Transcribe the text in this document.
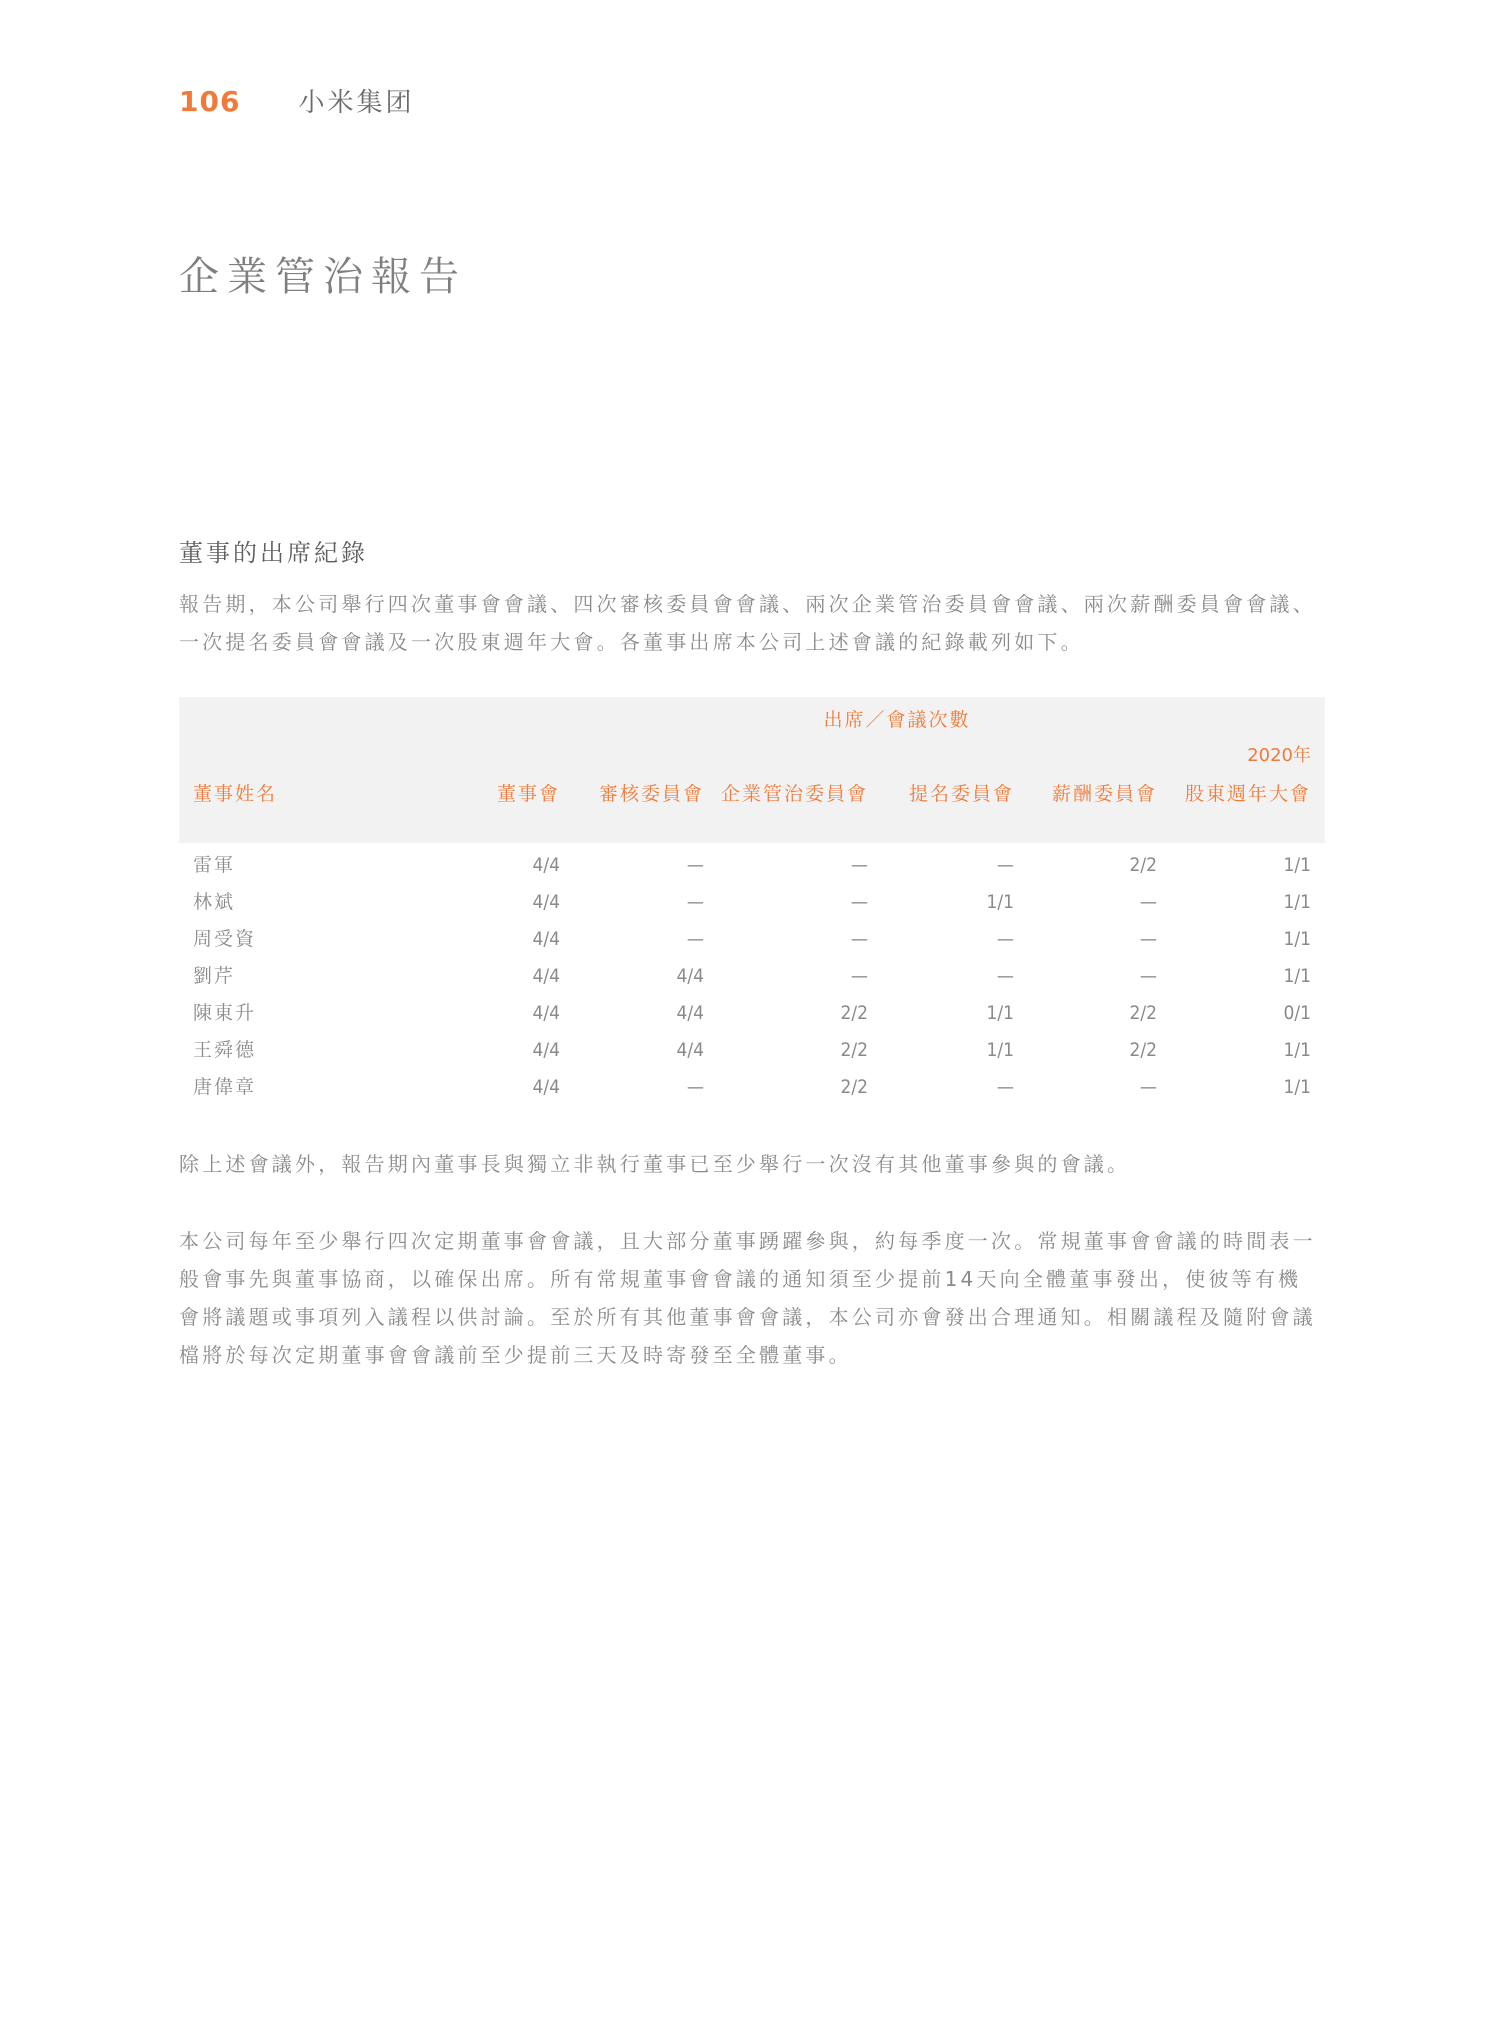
106 小米集团
企業管治報告
董事的出席紀錄

報告期，本公司舉行四次董事會會議、四次審核委員會會議、兩次企業管治委員會會議、兩次薪酬委員會會議、一次提名委員會會議及一次股東週年大會。各董事出席本公司上述會議的紀錄載列如下。

出席／會議次數
2020年
董事姓名	董事會 審核委員會 企業管治委員會 提名委員會 薪酬委員會 股東週年大會
雷軍	4/4	—	—	—	2/2	1/1
林斌	4/4	—	—	1/1	—	1/1
周受資	4/4	—	—	—	—	1/1
劉芹	4/4	4/4	—	—	—	1/1
陳東升	4/4	4/4	2/2	1/1	2/2	0/1
王舜德	4/4	4/4	2/2	1/1	2/2	1/1
唐偉章	4/4	—	2/2	—	—	1/1

除上述會議外，報告期內董事長與獨立非執行董事已至少舉行一次沒有其他董事參與的會議。

本公司每年至少舉行四次定期董事會會議，且大部分董事踴躍參與，約每季度一次。常規董事會會議的時間表一般會事先與董事協商，以確保出席。所有常規董事會會議的通知須至少提前14天向全體董事發出，使彼等有機會將議題或事項列入議程以供討論。至於所有其他董事會會議，本公司亦會發出合理通知。相關議程及隨附會議檔將於每次定期董事會會議前至少提前三天及時寄發至全體董事。
